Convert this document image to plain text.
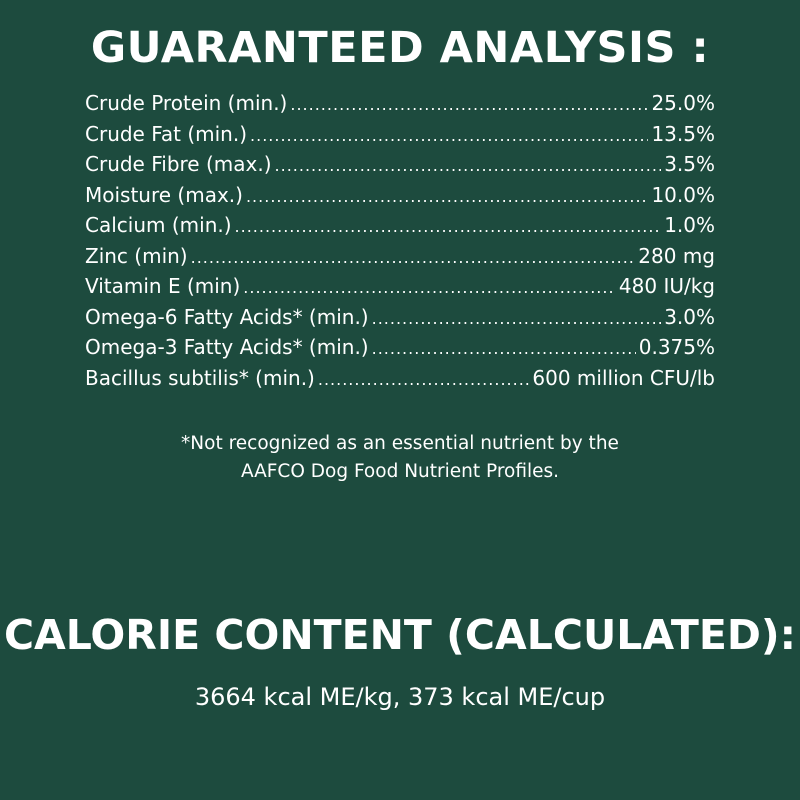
GUARANTEED ANALYSIS :
Crude Protein (min.) .....	25.0%
Crude Fat (min.) .....	13.5%
Crude Fibre (max.) .....	3.5%
Moisture (max.) .....	10.0%
Calcium (min.) .....	1.0%
Zinc (min) .....	280 mg
Vitamin E (min) .....	480 IU/kg
Omega-6 Fatty Acids* (min.) .....	3.0%
Omega-3 Fatty Acids* (min.) .....	0.375%
Bacillus subtilis* (min.) .....	600 million CFU/lb

*Not recognized as an essential nutrient by the
AAFCO Dog Food Nutrient Profiles.

CALORIE CONTENT (CALCULATED):

3664 kcal ME/kg, 373 kcal ME/cup
